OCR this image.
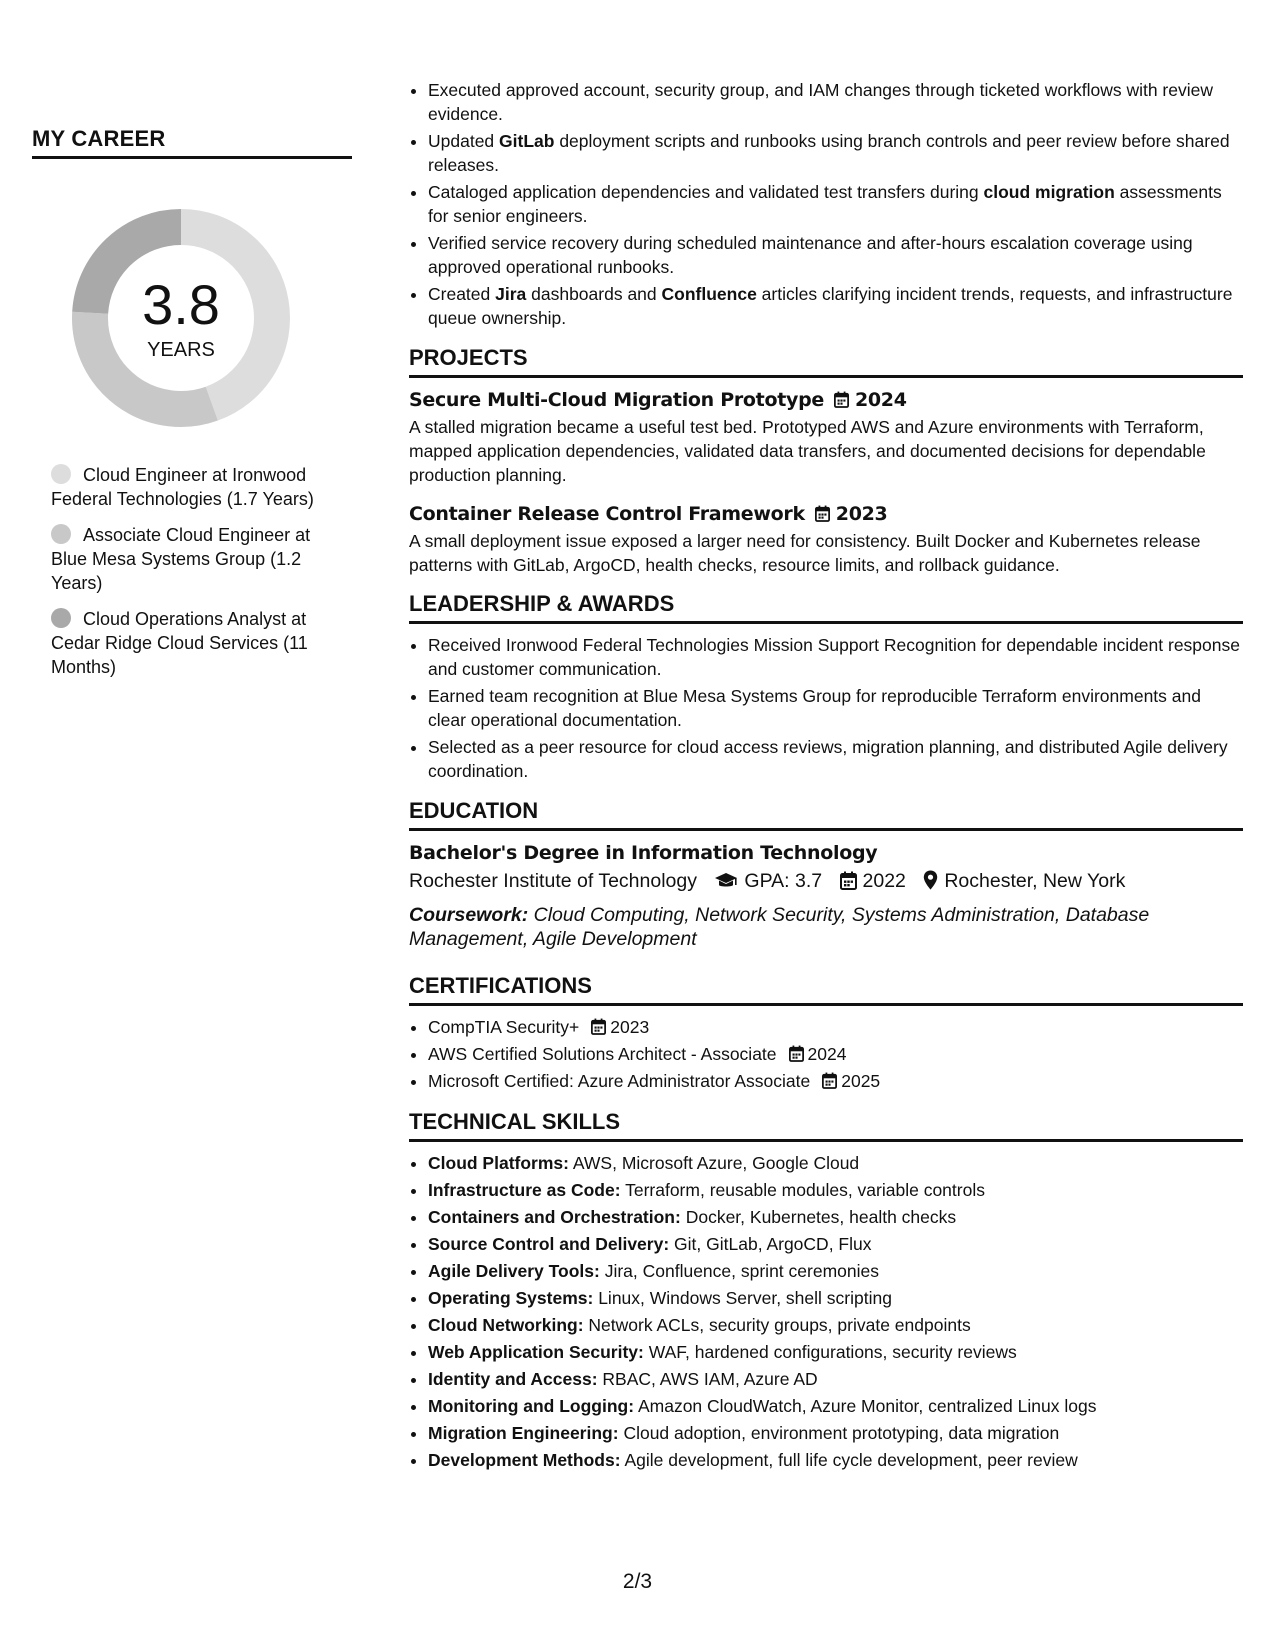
MY CAREER
3.8
YEARS
Cloud Engineer at Ironwood Federal Technologies (1.7 Years)
Associate Cloud Engineer at Blue Mesa Systems Group (1.2 Years)
Cloud Operations Analyst at Cedar Ridge Cloud Services (11 Months)
• Executed approved account, security group, and IAM changes through ticketed workflows with review evidence.
• Updated GitLab deployment scripts and runbooks using branch controls and peer review before shared releases.
• Cataloged application dependencies and validated test transfers during cloud migration assessments for senior engineers.
• Verified service recovery during scheduled maintenance and after-hours escalation coverage using approved operational runbooks.
• Created Jira dashboards and Confluence articles clarifying incident trends, requests, and infrastructure queue ownership.
PROJECTS
Secure Multi-Cloud Migration Prototype 2024
A stalled migration became a useful test bed. Prototyped AWS and Azure environments with Terraform, mapped application dependencies, validated data transfers, and documented decisions for dependable production planning.
Container Release Control Framework 2023
A small deployment issue exposed a larger need for consistency. Built Docker and Kubernetes release patterns with GitLab, ArgoCD, health checks, resource limits, and rollback guidance.
LEADERSHIP & AWARDS
• Received Ironwood Federal Technologies Mission Support Recognition for dependable incident response and customer communication.
• Earned team recognition at Blue Mesa Systems Group for reproducible Terraform environments and clear operational documentation.
• Selected as a peer resource for cloud access reviews, migration planning, and distributed Agile delivery coordination.
EDUCATION
Bachelor's Degree in Information Technology
Rochester Institute of Technology GPA: 3.7 2022 Rochester, New York
Coursework: Cloud Computing, Network Security, Systems Administration, Database Management, Agile Development
CERTIFICATIONS
• CompTIA Security+ 2023
• AWS Certified Solutions Architect - Associate 2024
• Microsoft Certified: Azure Administrator Associate 2025
TECHNICAL SKILLS
• Cloud Platforms: AWS, Microsoft Azure, Google Cloud
• Infrastructure as Code: Terraform, reusable modules, variable controls
• Containers and Orchestration: Docker, Kubernetes, health checks
• Source Control and Delivery: Git, GitLab, ArgoCD, Flux
• Agile Delivery Tools: Jira, Confluence, sprint ceremonies
• Operating Systems: Linux, Windows Server, shell scripting
• Cloud Networking: Network ACLs, security groups, private endpoints
• Web Application Security: WAF, hardened configurations, security reviews
• Identity and Access: RBAC, AWS IAM, Azure AD
• Monitoring and Logging: Amazon CloudWatch, Azure Monitor, centralized Linux logs
• Migration Engineering: Cloud adoption, environment prototyping, data migration
• Development Methods: Agile development, full life cycle development, peer review
2/3
